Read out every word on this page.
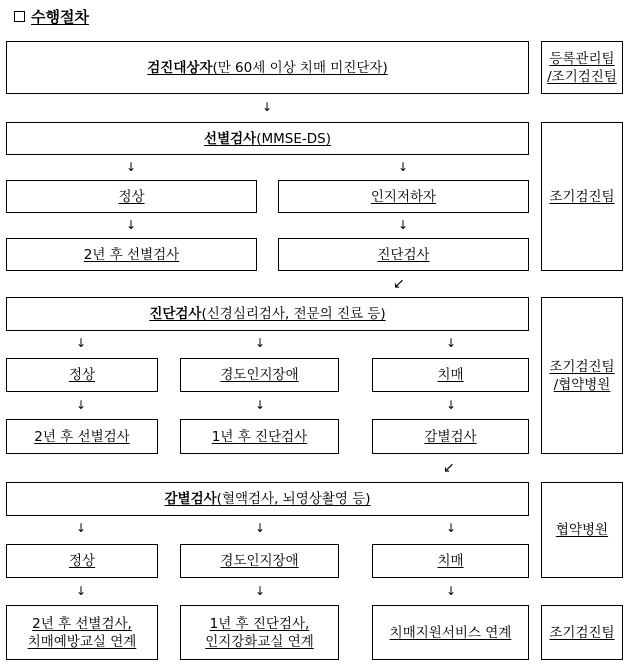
수행절차
검진대상자(만 60세 이상 치매 미진단자)
등록관리팀
/조기검진팀
↓
선별검사(MMSE-DS)
↓	↓
정상	인지저하자
↓	↓
2년 후 선별검사	진단검사
조기검진팀
↙
진단검사(신경심리검사, 전문의 진료 등)
↓	↓	↓
정상	경도인지장애	치매
↓	↓	↓
2년 후 선별검사	1년 후 진단검사	감별검사
조기검진팀
/협약병원
↙
감별검사(혈액검사, 뇌영상촬영 등)
↓	↓	↓
정상	경도인지장애	치매
협약병원
↓	↓	↓
2년 후 선별검사,
치매예방교실 연계
1년 후 진단검사,
인지강화교실 연계
치매지원서비스 연계	조기검진팀
